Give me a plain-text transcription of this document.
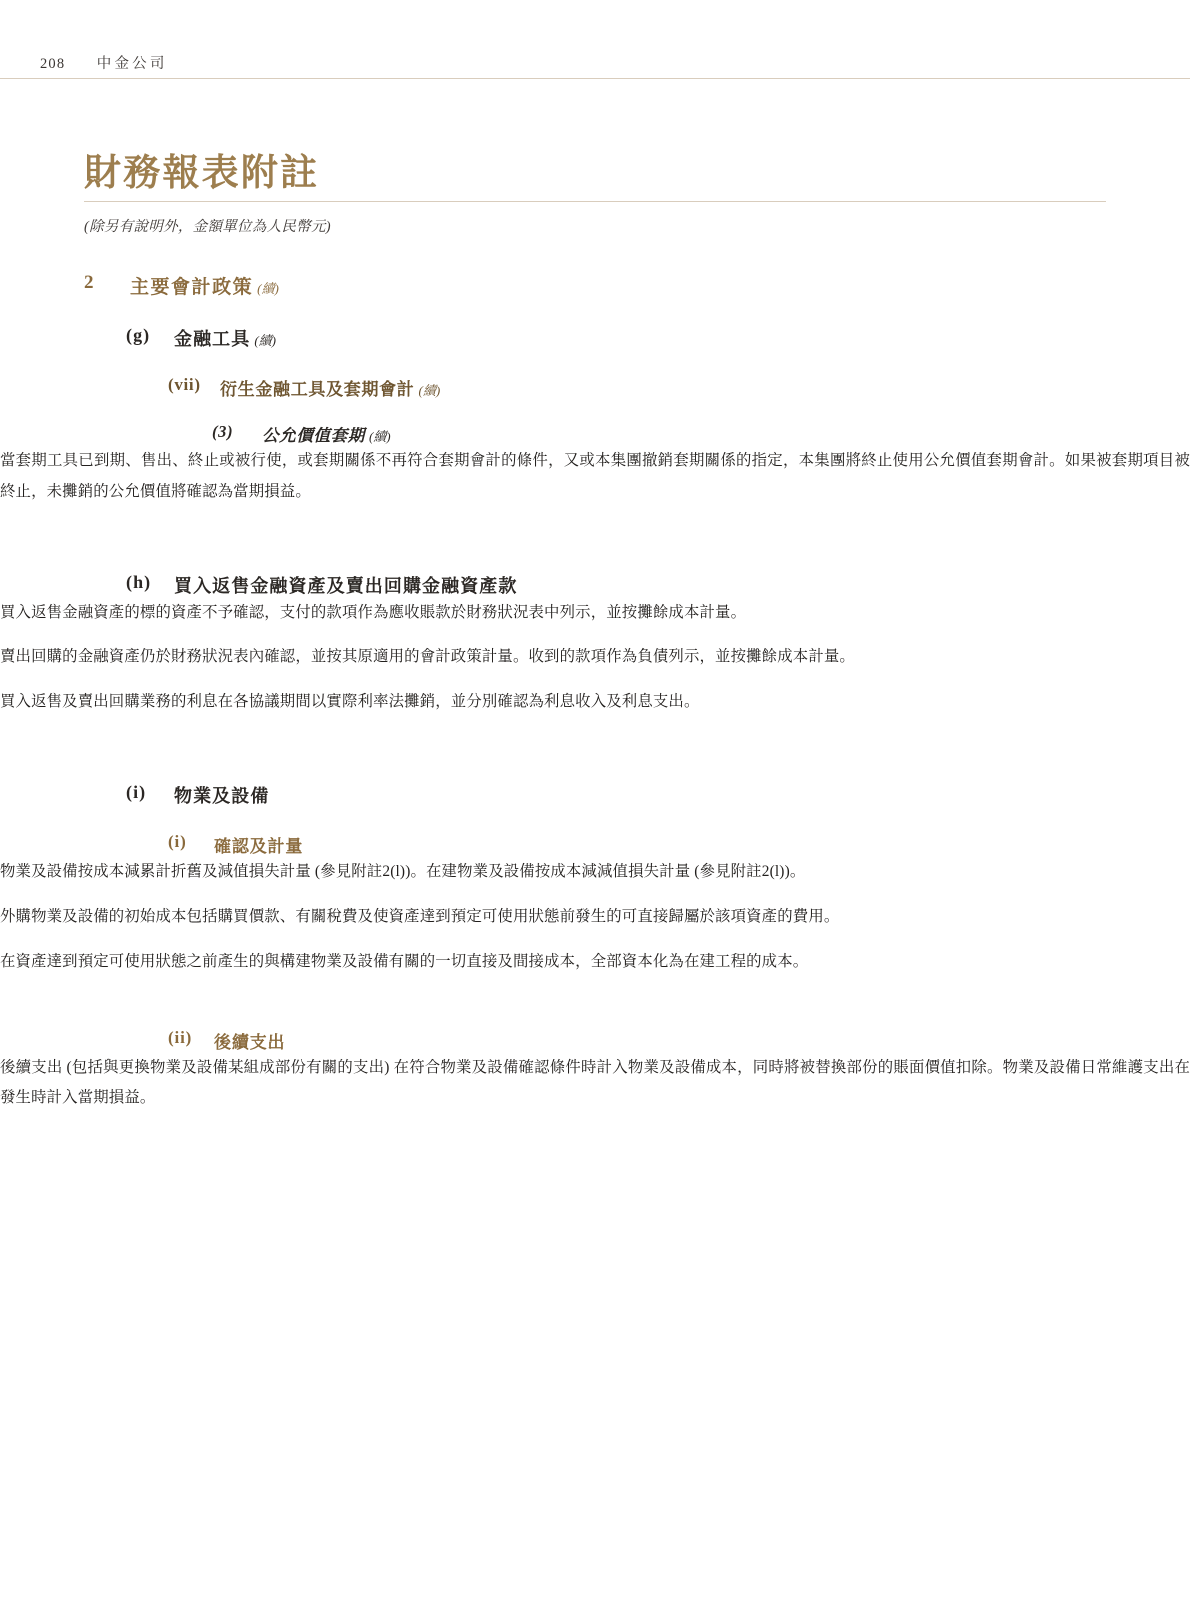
208 中金公司
財務報表附註
(除另有說明外，金額單位為人民幣元)
2	主要會計政策 (續)
(g)	金融工具 (續)
(vii)	衍生金融工具及套期會計 (續)
(3)	公允價值套期 (續)

當套期工具已到期、售出、終止或被行使，或套期關係不再符合套期會計的條件，又或本集團撤銷套期關係的指定，本集團將終止使用公允價值套期會計。如果被套期項目被終止，未攤銷的公允價值將確認為當期損益。

(h)	買入返售金融資產及賣出回購金融資產款

買入返售金融資產的標的資產不予確認，支付的款項作為應收賬款於財務狀況表中列示，並按攤餘成本計量。

賣出回購的金融資產仍於財務狀況表內確認，並按其原適用的會計政策計量。收到的款項作為負債列示，並按攤餘成本計量。

買入返售及賣出回購業務的利息在各協議期間以實際利率法攤銷，並分別確認為利息收入及利息支出。

(i)	物業及設備
(i)	確認及計量

物業及設備按成本減累計折舊及減值損失計量 (參見附註2(l))。在建物業及設備按成本減減值損失計量 (參見附註2(l))。

外購物業及設備的初始成本包括購買價款、有關稅費及使資產達到預定可使用狀態前發生的可直接歸屬於該項資產的費用。

在資產達到預定可使用狀態之前產生的與構建物業及設備有關的一切直接及間接成本，全部資本化為在建工程的成本。

(ii)	後續支出

後續支出 (包括與更換物業及設備某組成部份有關的支出) 在符合物業及設備確認條件時計入物業及設備成本，同時將被替換部份的賬面價值扣除。物業及設備日常維護支出在發生時計入當期損益。
